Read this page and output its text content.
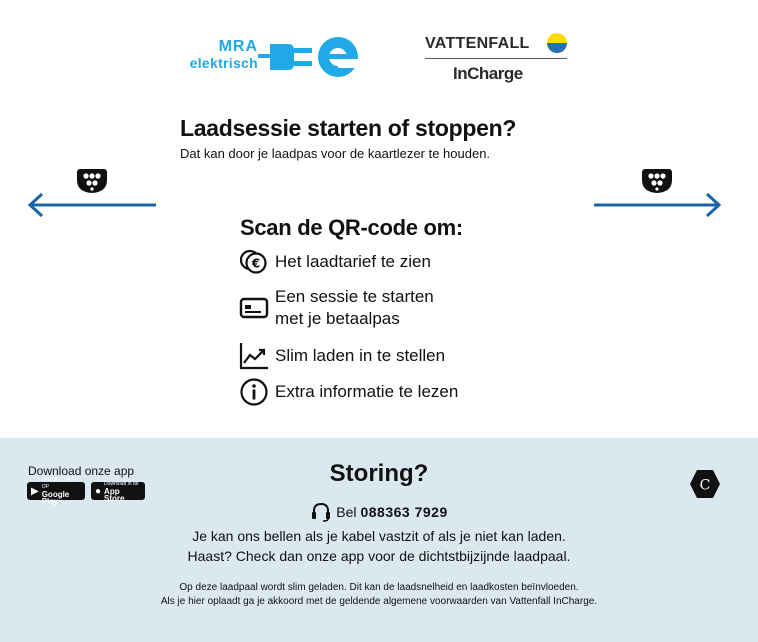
MRA
elektrisch
VATTENFALL
InCharge
Laadsessie starten of stoppen?
Dat kan door je laadpas voor de kaartlezer te houden.
Scan de QR-code om:
€ Het laadtarief te zien
Een sessie te starten
met je betaalpas
Slim laden in te stellen
Extra informatie te lezen
Download onze app
▶
ONTDEK HET OP
Google Play
●
Download in de
App Store
Storing?
Bel 088363 7929
Je kan ons bellen als je kabel vastzit of als je niet kan laden.
Haast? Check dan onze app voor de dichtstbijzijnde laadpaal.
Op deze laadpaal wordt slim geladen. Dit kan de laadsnelheid en laadkosten beïnvloeden.
Als je hier oplaadt ga je akkoord met de geldende algemene voorwaarden van Vattenfall InCharge.
C
